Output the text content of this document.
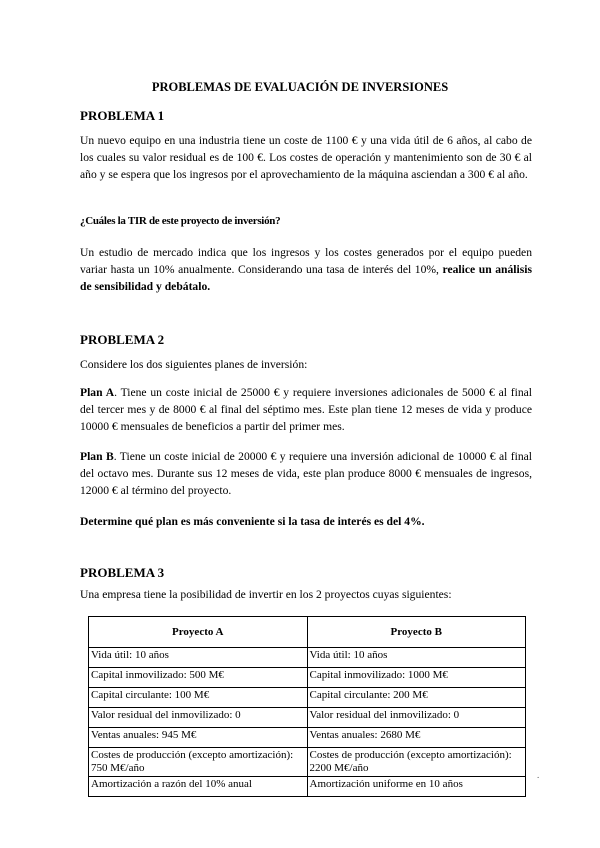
PROBLEMAS DE EVALUACIÓN DE INVERSIONES
PROBLEMA 1
Un nuevo equipo en una industria tiene un coste de 1100 € y una vida útil de 6 años, al cabo de los cuales su valor residual es de 100 €. Los costes de operación y mantenimiento son de 30 € al año y se espera que los ingresos por el aprovechamiento de la máquina asciendan a 300 € al año.
¿Cuáles la TIR de este proyecto de inversión?
Un estudio de mercado indica que los ingresos y los costes generados por el equipo pueden variar hasta un 10% anualmente. Considerando una tasa de interés del 10%, realice un análisis de sensibilidad y debátalo.
PROBLEMA 2
Considere los dos siguientes planes de inversión:
Plan A. Tiene un coste inicial de 25000 € y requiere inversiones adicionales de 5000 € al final del tercer mes y de 8000 € al final del séptimo mes. Este plan tiene 12 meses de vida y produce 10000 € mensuales de beneficios a partir del primer mes.
Plan B. Tiene un coste inicial de 20000 € y requiere una inversión adicional de 10000 € al final del octavo mes. Durante sus 12 meses de vida, este plan produce 8000 € mensuales de ingresos, 12000 € al término del proyecto.
Determine qué plan es más conveniente si la tasa de interés es del 4%.
PROBLEMA 3
Una empresa tiene la posibilidad de invertir en los 2 proyectos cuyas siguientes:
Proyecto A	Proyecto B
Vida útil: 10 años	Vida útil: 10 años
Capital inmovilizado: 500 M€	Capital inmovilizado: 1000 M€
Capital circulante: 100 M€	Capital circulante: 200 M€
Valor residual del inmovilizado: 0	Valor residual del inmovilizado: 0
Ventas anuales: 945 M€	Ventas anuales: 2680 M€
Costes de producción (excepto amortización): 750 M€/año	Costes de producción (excepto amortización): 2200 M€/año
Amortización a razón del 10% anual	Amortización uniforme en 10 años
.
